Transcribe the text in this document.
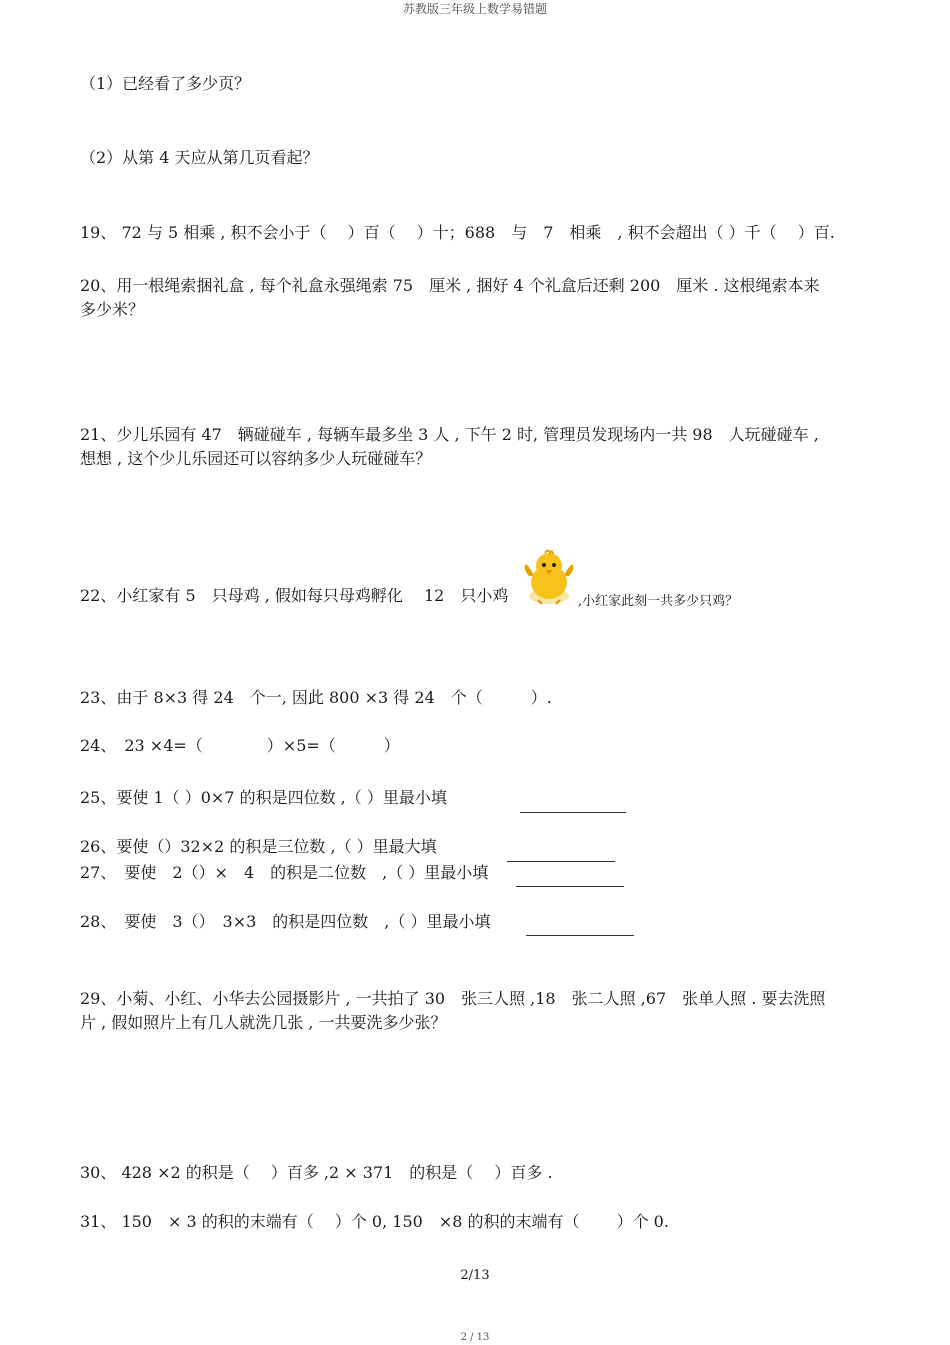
苏教版三年级上数学易错题
（1）已经看了多少页？
（2）从第 4 天应从第几页看起？
19、 72 与 5 相乘 , 积不会小于（　 ）百（　 ）十；688　与　7　相乘　, 积不会超出（ ）千（　 ）百.
20、用一根绳索捆礼盒 , 每个礼盒永强绳索 75　厘米 , 捆好 4 个礼盒后还剩 200　厘米 . 这根绳索本来
多少米？
21、少儿乐园有 47　辆碰碰车 , 每辆车最多坐 3 人 , 下午 2 时, 管理员发现场内一共 98　人玩碰碰车 ,
想想 , 这个少儿乐园还可以容纳多少人玩碰碰车？
22、小红家有 5　只母鸡 , 假如每只母鸡孵化　 12　只小鸡	,小红家此刻一共多少只鸡？
23、由于 8×3 得 24　个一, 因此 800 ×3 得 24　个（　　　）.
24、　23 ×4=（　　　　）×5=（　　　）
25、要使 1（ ）0×7 的积是四位数 ,（ ）里最小填
26、要使（）32×2 的积是三位数 ,（ ）里最大填
27、　要使　2（）×　4　的积是二位数　,（ ）里最小填
28、　要使　3（）　3×3　的积是四位数　,（ ）里最小填
29、小菊、小红、小华去公园摄影片 , 一共拍了 30　张三人照 ,18　张二人照 ,67　张单人照 . 要去洗照
片 , 假如照片上有几人就洗几张 , 一共要洗多少张？
30、 428 ×2 的积是（　 ）百多 ,2 × 371　的积是（　 ）百多 .
31、 150　× 3 的积的末端有（　 ）个 0, 150　×8 的积的末端有（　　 ）个 0.
2/13
2 / 13
